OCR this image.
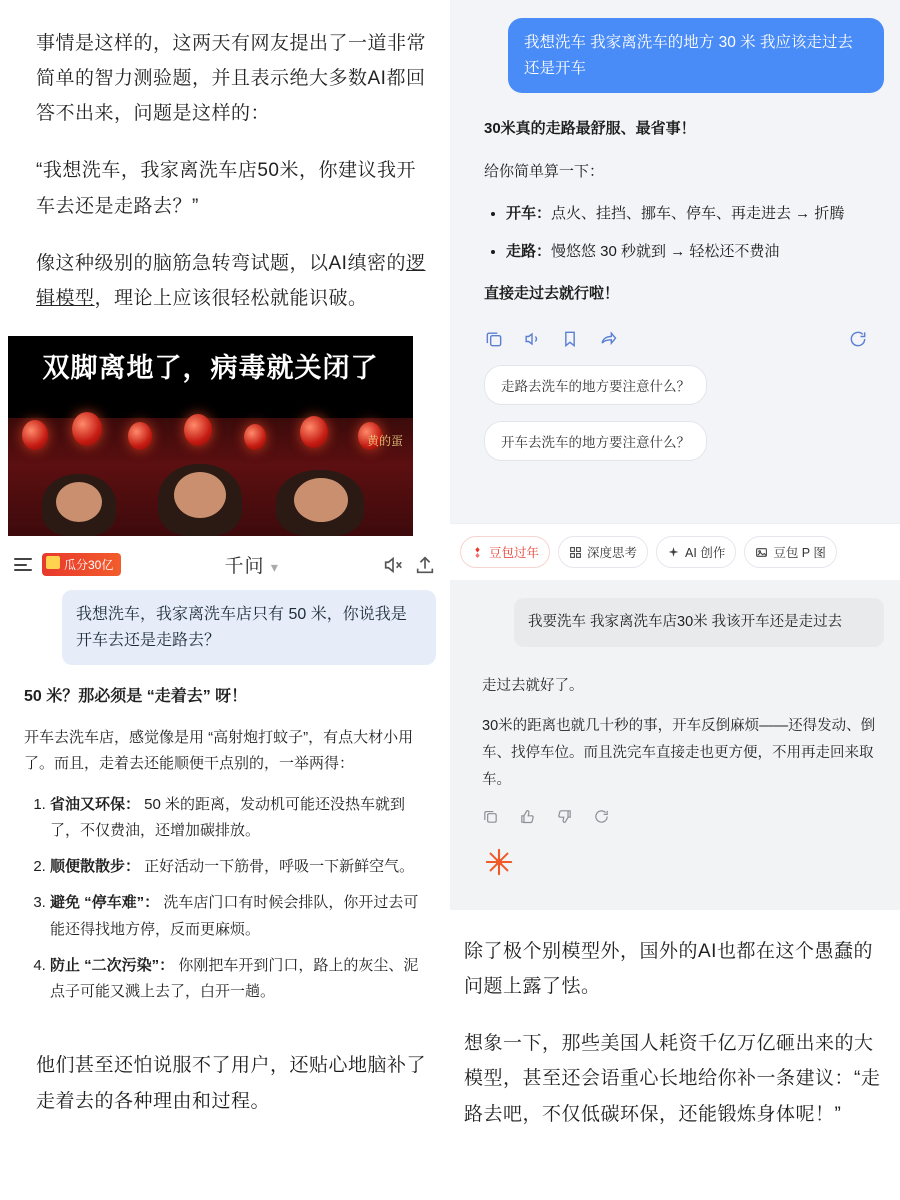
事情是这样的，这两天有网友提出了一道非常简单的智力测验题，并且表示绝大多数AI都回答不出来，问题是这样的：

“我想洗车，我家离洗车店50米，你建议我开车去还是走路去？”

像这种级别的脑筋急转弯试题，以AI缜密的逻辑模型，理论上应该很轻松就能识破。

双脚离地了，病毒就关闭了
黄的蛋
瓜分30亿	千问 ▾
我想洗车，我家离洗车店只有 50 米，你说我是开车去还是走路去？

50 米？那必须是 “走着去” 呀！

开车去洗车店，感觉像是用 “高射炮打蚊子”，有点大材小用了。而且，走着去还能顺便干点别的，一举两得：

1. 省油又环保： 50 米的距离，发动机可能还没热车就到了，不仅费油，还增加碳排放。
2. 顺便散散步： 正好活动一下筋骨，呼吸一下新鲜空气。
3. 避免 “停车难”： 洗车店门口有时候会排队，你开过去可能还得找地方停，反而更麻烦。
4. 防止 “二次污染”： 你刚把车开到门口，路上的灰尘、泥点子可能又溅上去了，白开一趟。

他们甚至还怕说服不了用户，还贴心地脑补了走着去的各种理由和过程。

我想洗车 我家离洗车的地方 30 米 我应该走过去还是开车

30米真的走路最舒服、最省事！

给你简单算一下：

• 开车：点火、挂挡、挪车、停车、再走进去 → 折腾
• 走路：慢悠悠 30 秒就到 → 轻松还不费油

直接走过去就行啦！

走路去洗车的地方要注意什么？ 开车去洗车的地方要注意什么？
豆包过年	深度思考	AI 创作	豆包 P 图
我要洗车 我家离洗车店30米 我该开车还是走过去

走过去就好了。

30米的距离也就几十秒的事，开车反倒麻烦——还得发动、倒车、找停车位。而且洗完车直接走也更方便，不用再走回来取车。

除了极个别模型外，国外的AI也都在这个愚蠢的问题上露了怯。

想象一下，那些美国人耗资千亿万亿砸出来的大模型，甚至还会语重心长地给你补一条建议：“走路去吧，不仅低碳环保，还能锻炼身体呢！”
